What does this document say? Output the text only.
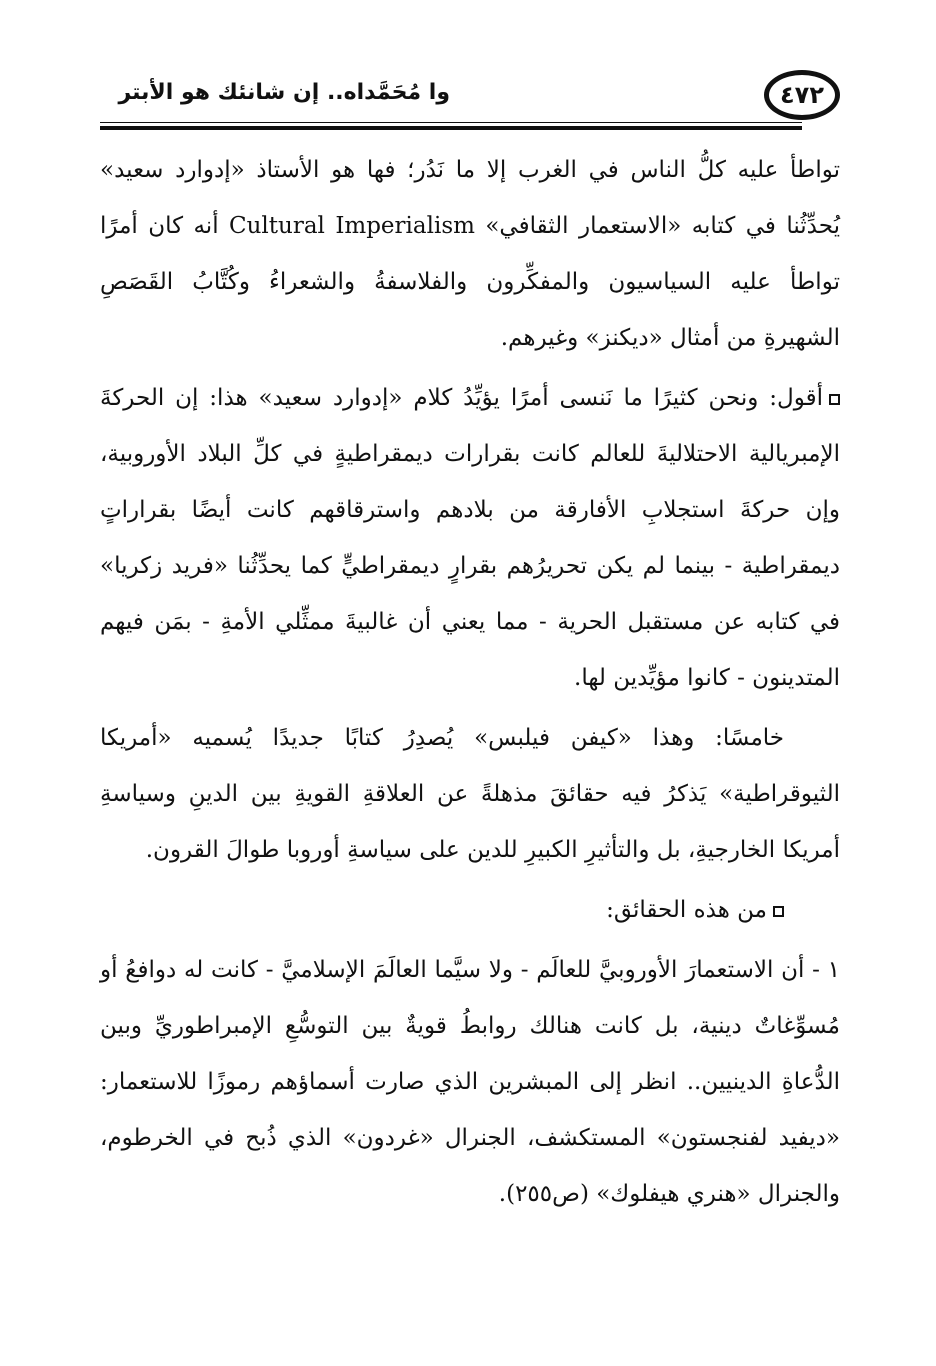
٤٧٢
وا مُحَمَّداه.. إن شانئك هو الأبتر

تواطأ عليه كلُّ الناس في الغرب إلا ما نَدُر؛ فها هو الأستاذ «إدوارد سعيد» يُحدِّثُنا في كتابه «الاستعمار الثقافي» Cultural Imperialism أنه كان أمرًا تواطأ عليه السياسيون والمفكِّرون والفلاسفةُ والشعراءُ وكُتَّابُ القَصَصِ الشهيرةِ من أمثال «ديكنز» وغيرهم.

أقول: ونحن كثيرًا ما نَنسى أمرًا يؤيِّدُ كلام «إدوارد سعيد» هذا: إن الحركةَ الإمبريالية الاحتلاليةَ للعالم كانت بقرارات ديمقراطيةٍ في كلِّ البلاد الأوروبية، وإن حركةَ استجلابِ الأفارقة من بلادهم واسترقاقهم كانت أيضًا بقراراتٍ ديمقراطية - بينما لم يكن تحريرُهم بقرارٍ ديمقراطيٍّ كما يحدِّثُنا «فريد زكريا» في كتابه عن مستقبل الحرية - مما يعني أن غالبيةَ ممثِّلي الأمةِ - بمَن فيهم المتدينون - كانوا مؤيِّدين لها.

خامسًا: وهذا «كيفن فيلبس» يُصدِرُ كتابًا جديدًا يُسميه «أمريكا الثيوقراطية» يَذكرُ فيه حقائقَ مذهلةً عن العلاقةِ القويةِ بين الدينِ وسياسةِ أمريكا الخارجيةِ، بل والتأثيرِ الكبيرِ للدين على سياسةِ أوروبا طوالَ القرون.

من هذه الحقائق:

١ - أن الاستعمارَ الأوروبيَّ للعالَم - ولا سيَّما العالَمَ الإسلاميَّ - كانت له دوافعُ أو مُسوِّغاتٌ دينية، بل كانت هنالك روابطُ قويةٌ بين التوسُّعِ الإمبراطوريِّ وبين الدُّعاةِ الدينيين.. انظر إلى المبشرين الذي صارت أسماؤهم رموزًا للاستعمار: «ديفيد لفنجستون» المستكشف، الجنرال «غردون» الذي ذُبح في الخرطوم، والجنرال «هنري هيفلوك» (ص٢٥٥).
